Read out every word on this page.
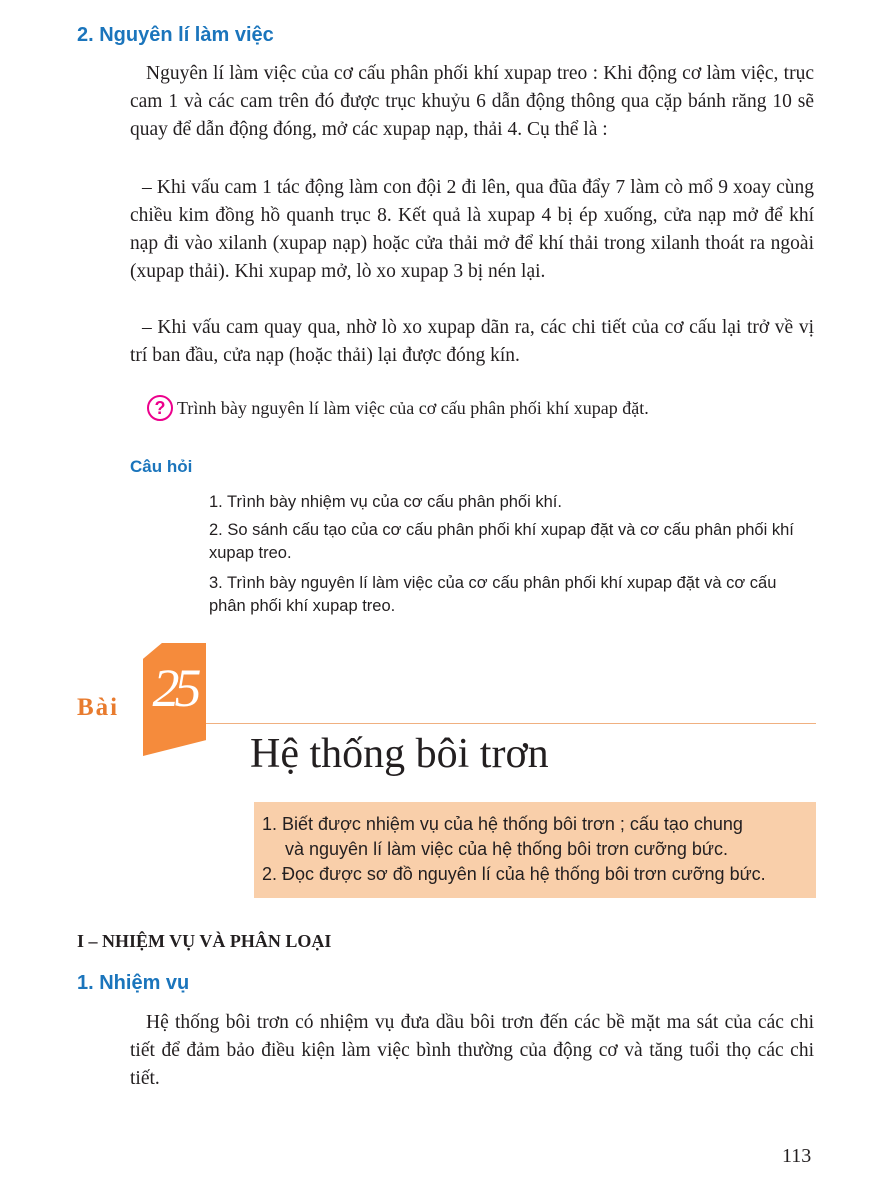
2. Nguyên lí làm việc
Nguyên lí làm việc của cơ cấu phân phối khí xupap treo : Khi động cơ làm việc, trục cam 1 và các cam trên đó được trục khuỷu 6 dẫn động thông qua cặp bánh răng 10 sẽ quay để dẫn động đóng, mở các xupap nạp, thải 4. Cụ thể là :
– Khi vấu cam 1 tác động làm con đội 2 đi lên, qua đũa đẩy 7 làm cò mổ 9 xoay cùng chiều kim đồng hồ quanh trục 8. Kết quả là xupap 4 bị ép xuống, cửa nạp mở để khí nạp đi vào xilanh (xupap nạp) hoặc cửa thải mở để khí thải trong xilanh thoát ra ngoài (xupap thải). Khi xupap mở, lò xo xupap 3 bị nén lại.
– Khi vấu cam quay qua, nhờ lò xo xupap dãn ra, các chi tiết của cơ cấu lại trở về vị trí ban đầu, cửa nạp (hoặc thải) lại được đóng kín.
? Trình bày nguyên lí làm việc của cơ cấu phân phối khí xupap đặt.
Câu hỏi
1. Trình bày nhiệm vụ của cơ cấu phân phối khí.
2. So sánh cấu tạo của cơ cấu phân phối khí xupap đặt và cơ cấu phân phối khí xupap treo.
3. Trình bày nguyên lí làm việc của cơ cấu phân phối khí xupap đặt và cơ cấu phân phối khí xupap treo.
Bài 25
Hệ thống bôi trơn
1. Biết được nhiệm vụ của hệ thống bôi trơn ; cấu tạo chung
và nguyên lí làm việc của hệ thống bôi trơn cưỡng bức.
2. Đọc được sơ đồ nguyên lí của hệ thống bôi trơn cưỡng bức.
I – NHIỆM VỤ VÀ PHÂN LOẠI
1. Nhiệm vụ
Hệ thống bôi trơn có nhiệm vụ đưa dầu bôi trơn đến các bề mặt ma sát của các chi tiết để đảm bảo điều kiện làm việc bình thường của động cơ và tăng tuổi thọ các chi tiết.
113
